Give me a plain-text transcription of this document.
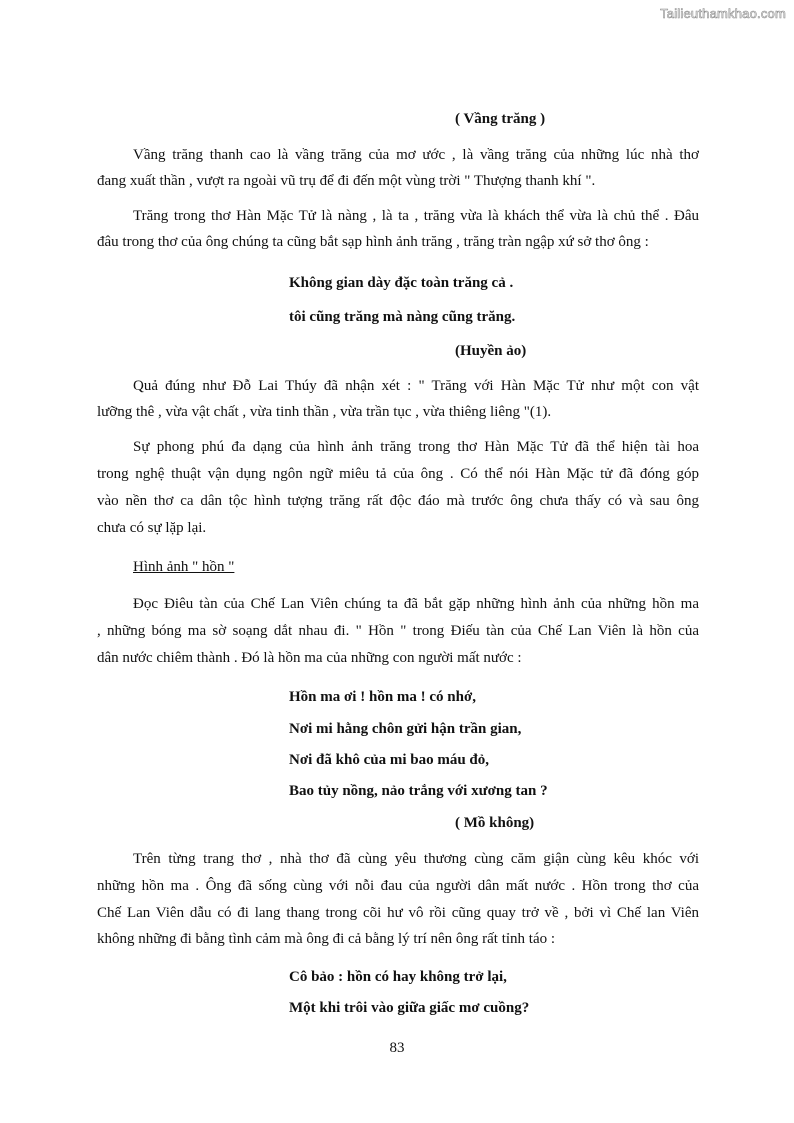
Tailieuthamkhao.com
( Vầng trăng )
Vầng trăng thanh cao là vầng trăng của mơ ước , là vầng trăng của những lúc nhà thơ
đang xuất thần , vượt ra ngoài vũ trụ để đi đến một vùng trời " Thượng thanh khí ".
Trăng trong thơ Hàn Mặc Tử là nàng , là ta , trăng vừa là khách thể vừa là chủ thể . Đâu
đâu trong thơ của ông chúng ta cũng bắt sạp hình ảnh trăng , trăng tràn ngập xứ sở thơ ông :
Không gian dày đặc toàn trăng cả .
tôi cũng trăng mà nàng cũng trăng.
(Huyền ảo)
Quả đúng như Đỗ Lai Thúy đã nhận xét : " Trăng với Hàn Mặc Tử như một con vật
lưỡng thê , vừa vật chất , vừa tinh thần , vừa trần tục , vừa thiêng liêng "(1).
Sự phong phú đa dạng của hình ảnh trăng trong thơ Hàn Mặc Tử đã thể hiện tài hoa
trong nghệ thuật vận dụng ngôn ngữ miêu tả của ông . Có thể nói Hàn Mặc tử đã đóng góp
vào nền thơ ca dân tộc hình tượng trăng rất độc đáo mà trước ông chưa thấy có và sau ông
chưa có sự lặp lại.
Hình ảnh " hồn "
Đọc Điêu tàn của Chế Lan Viên chúng ta đã bắt gặp những hình ảnh của những hồn ma
, những bóng ma sờ soạng dắt nhau đi. " Hồn " trong Điếu tàn của Chế Lan Viên là hồn của
dân nước chiêm thành . Đó là hồn ma của những con người mất nước :
Hồn ma ơi ! hồn ma ! có nhớ,
Nơi mi hằng chôn gửi hận trần gian,
Nơi đã khô của mi bao máu đỏ,
Bao tủy nồng, nảo trắng với xương tan ?
( Mồ không)
Trên từng trang thơ , nhà thơ đã cùng yêu thương cùng căm giận cùng kêu khóc với
những hồn ma . Ông đã sống cùng với nỗi đau của người dân mất nước . Hồn trong thơ của
Chế Lan Viên dẫu có đi lang thang trong cõi hư vô rồi cũng quay trở về , bởi vì Chế lan Viên
không những đi bằng tình cảm mà ông đi cả bằng lý trí nên ông rất tỉnh táo :
Cô bảo : hồn có hay không trở lại,
Một khi trôi vào giữa giấc mơ cuồng?
83
